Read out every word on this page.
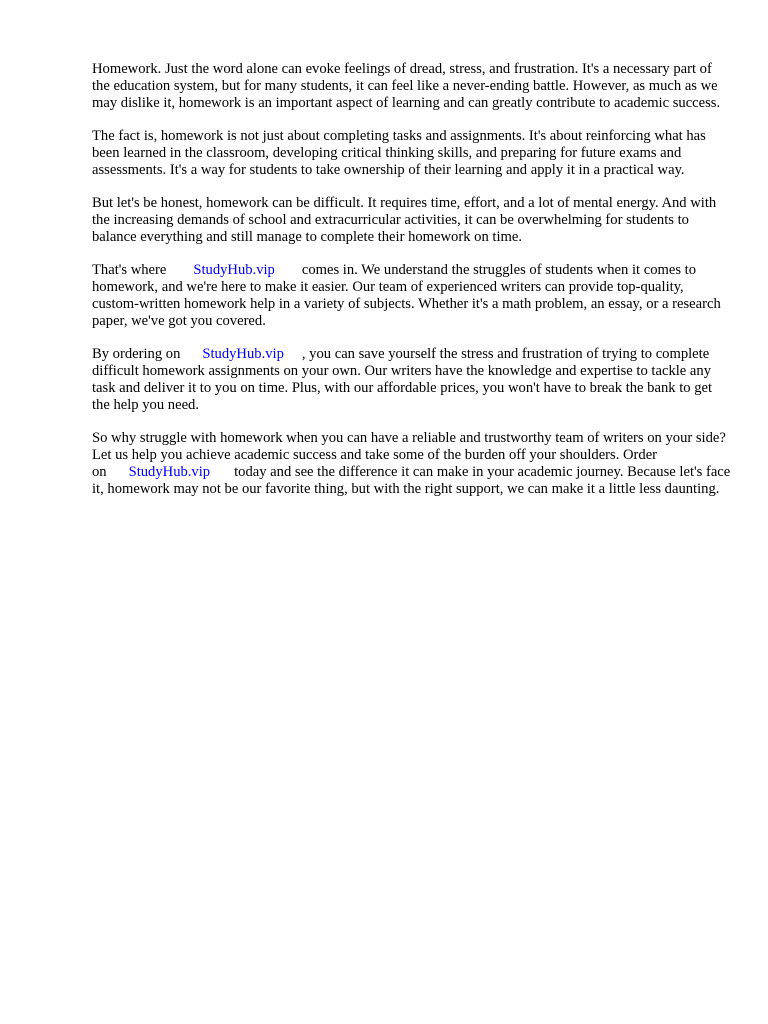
Homework. Just the word alone can evoke feelings of dread, stress, and frustration. It's a necessary part of the education system, but for many students, it can feel like a never-ending battle. However, as much as we may dislike it, homework is an important aspect of learning and can greatly contribute to academic success.

The fact is, homework is not just about completing tasks and assignments. It's about reinforcing what has been learned in the classroom, developing critical thinking skills, and preparing for future exams and assessments. It's a way for students to take ownership of their learning and apply it in a practical way.

But let's be honest, homework can be difficult. It requires time, effort, and a lot of mental energy. And with the increasing demands of school and extracurricular activities, it can be overwhelming for students to balance everything and still manage to complete their homework on time.

That's where StudyHub.vip comes in. We understand the struggles of students when it comes to homework, and we're here to make it easier. Our team of experienced writers can provide top-quality, custom-written homework help in a variety of subjects. Whether it's a math problem, an essay, or a research paper, we've got you covered.

By ordering on StudyHub.vip , you can save yourself the stress and frustration of trying to complete difficult homework assignments on your own. Our writers have the knowledge and expertise to tackle any task and deliver it to you on time. Plus, with our affordable prices, you won't have to break the bank to get the help you need.

So why struggle with homework when you can have a reliable and trustworthy team of writers on your side? Let us help you achieve academic success and take some of the burden off your shoulders. Order on StudyHub.vip today and see the difference it can make in your academic journey. Because let's face it, homework may not be our favorite thing, but with the right support, we can make it a little less daunting.
